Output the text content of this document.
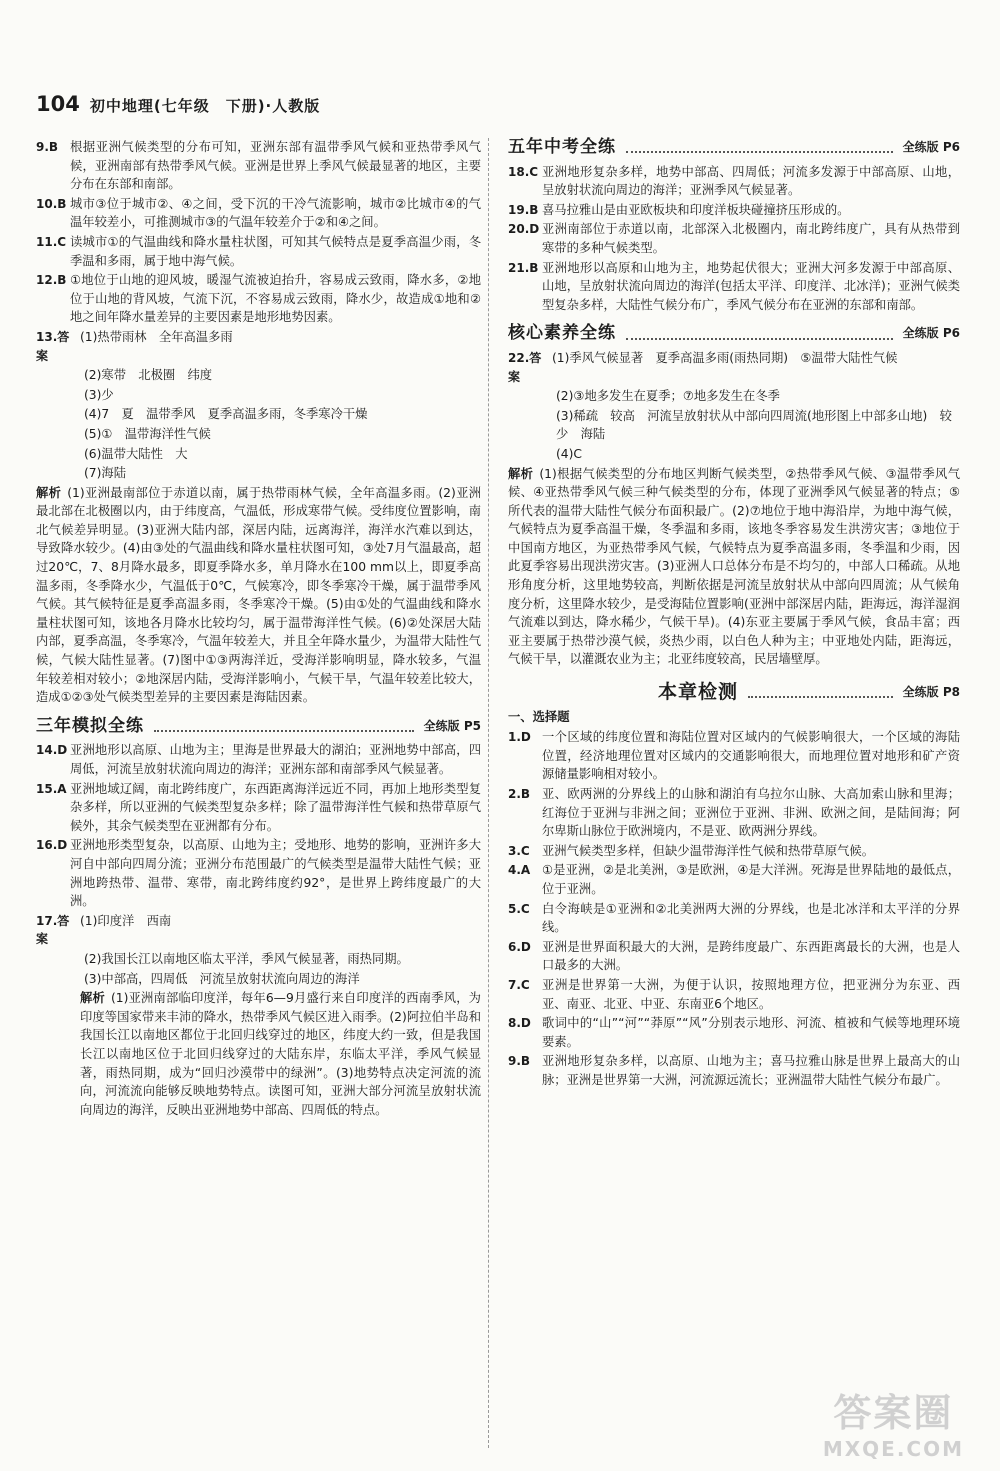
104 初中地理(七年级　下册)·人教版
9.B 根据亚洲气候类型的分布可知，亚洲东部有温带季风气候和亚热带季风气候，亚洲南部有热带季风气候。亚洲是世界上季风气候最显著的地区，主要分布在东部和南部。
10.B 城市③位于城市②、④之间，受下沉的干冷气流影响，城市②比城市④的气温年较差小，可推测城市③的气温年较差介于②和④之间。
11.C 读城市①的气温曲线和降水量柱状图，可知其气候特点是夏季高温少雨，冬季温和多雨，属于地中海气候。
12.B ①地位于山地的迎风坡，暖湿气流被迫抬升，容易成云致雨，降水多，②地位于山地的背风坡，气流下沉，不容易成云致雨，降水少，故造成①地和②地之间年降水量差异的主要因素是地形地势因素。
13.答案
(1)热带雨林　全年高温多雨
(2)寒带　北极圈　纬度
(3)少
(4)7　夏　温带季风　夏季高温多雨，冬季寒冷干燥
(5)①　温带海洋性气候
(6)温带大陆性　大
(7)海陆
解析 (1)亚洲最南部位于赤道以南，属于热带雨林气候，全年高温多雨。(2)亚洲最北部在北极圈以内，由于纬度高，气温低，形成寒带气候。受纬度位置影响，南北气候差异明显。(3)亚洲大陆内部，深居内陆，远离海洋，海洋水汽难以到达，导致降水较少。(4)由③处的气温曲线和降水量柱状图可知，③处7月气温最高，超过20℃，7、8月降水最多，即夏季降水多，单月降水在100 mm以上，即夏季高温多雨，冬季降水少，气温低于0℃，气候寒冷，即冬季寒冷干燥，属于温带季风气候。其气候特征是夏季高温多雨，冬季寒冷干燥。(5)由①处的气温曲线和降水量柱状图可知，该地各月降水比较均匀，属于温带海洋性气候。(6)②处深居大陆内部，夏季高温，冬季寒冷，气温年较差大，并且全年降水量少，为温带大陆性气候，气候大陆性显著。(7)图中①③两海洋近，受海洋影响明显，降水较多，气温年较差相对较小；②地深居内陆，受海洋影响小，气候干旱，气温年较差比较大，造成①②③处气候类型差异的主要因素是海陆因素。
三年模拟全练	全练版 P5
14.D 亚洲地形以高原、山地为主；里海是世界最大的湖泊；亚洲地势中部高，四周低，河流呈放射状流向周边的海洋；亚洲东部和南部季风气候显著。
15.A 亚洲地域辽阔，南北跨纬度广，东西距离海洋远近不同，再加上地形类型复杂多样，所以亚洲的气候类型复杂多样；除了温带海洋性气候和热带草原气候外，其余气候类型在亚洲都有分布。
16.D 亚洲地形类型复杂，以高原、山地为主；受地形、地势的影响，亚洲许多大河自中部向四周分流；亚洲分布范围最广的气候类型是温带大陆性气候；亚洲地跨热带、温带、寒带，南北跨纬度约92°，是世界上跨纬度最广的大洲。
17.答案
(1)印度洋　西南
(2)我国长江以南地区临太平洋，季风气候显著，雨热同期。
(3)中部高，四周低　河流呈放射状流向周边的海洋
解析 (1)亚洲南部临印度洋，每年6—9月盛行来自印度洋的西南季风，为印度等国家带来丰沛的降水，热带季风气候区进入雨季。(2)阿拉伯半岛和我国长江以南地区都位于北回归线穿过的地区，纬度大约一致，但是我国长江以南地区位于北回归线穿过的大陆东岸，东临太平洋，季风气候显著，雨热同期，成为“回归沙漠带中的绿洲”。(3)地势特点决定河流的流向，河流流向能够反映地势特点。读图可知，亚洲大部分河流呈放射状流向周边的海洋，反映出亚洲地势中部高、四周低的特点。
五年中考全练	全练版 P6
18.C 亚洲地形复杂多样，地势中部高、四周低；河流多发源于中部高原、山地，呈放射状流向周边的海洋；亚洲季风气候显著。
19.B 喜马拉雅山是由亚欧板块和印度洋板块碰撞挤压形成的。
20.D 亚洲南部位于赤道以南，北部深入北极圈内，南北跨纬度广，具有从热带到寒带的多种气候类型。
21.B 亚洲地形以高原和山地为主，地势起伏很大；亚洲大河多发源于中部高原、山地，呈放射状流向周边的海洋(包括太平洋、印度洋、北冰洋)；亚洲气候类型复杂多样，大陆性气候分布广，季风气候分布在亚洲的东部和南部。
核心素养全练	全练版 P6
22.答案
(1)季风气候显著　夏季高温多雨(雨热同期)　⑤温带大陆性气候
(2)③地多发生在夏季；⑦地多发生在冬季
(3)稀疏　较高　河流呈放射状从中部向四周流(地形图上中部多山地)　较少　海陆
(4)C
解析 (1)根据气候类型的分布地区判断气候类型，②热带季风气候、③温带季风气候、④亚热带季风气候三种气候类型的分布，体现了亚洲季风气候显著的特点；⑤所代表的温带大陆性气候分布面积最广。(2)⑦地位于地中海沿岸，为地中海气候，气候特点为夏季高温干燥，冬季温和多雨，该地冬季容易发生洪涝灾害；③地位于中国南方地区，为亚热带季风气候，气候特点为夏季高温多雨，冬季温和少雨，因此夏季容易出现洪涝灾害。(3)亚洲人口总体分布是不均匀的，中部人口稀疏。从地形角度分析，这里地势较高，判断依据是河流呈放射状从中部向四周流；从气候角度分析，这里降水较少，是受海陆位置影响(亚洲中部深居内陆，距海远，海洋湿润气流难以到达，降水稀少，气候干旱)。(4)东亚主要属于季风气候，食品丰富；西亚主要属于热带沙漠气候，炎热少雨，以白色人种为主；中亚地处内陆，距海远，气候干旱，以灌溉农业为主；北亚纬度较高，民居墙壁厚。
本章检测	全练版 P8
一、选择题
1.D 一个区域的纬度位置和海陆位置对区域内的气候影响很大，一个区域的海陆位置，经济地理位置对区域内的交通影响很大，而地理位置对地形和矿产资源储量影响相对较小。
2.B 亚、欧两洲的分界线上的山脉和湖泊有乌拉尔山脉、大高加索山脉和里海；红海位于亚洲与非洲之间；亚洲位于亚洲、非洲、欧洲之间，是陆间海；阿尔卑斯山脉位于欧洲境内，不是亚、欧两洲分界线。
3.C 亚洲气候类型多样，但缺少温带海洋性气候和热带草原气候。
4.A ①是亚洲，②是北美洲，③是欧洲，④是大洋洲。死海是世界陆地的最低点，位于亚洲。
5.C 白令海峡是①亚洲和②北美洲两大洲的分界线，也是北冰洋和太平洋的分界线。
6.D 亚洲是世界面积最大的大洲，是跨纬度最广、东西距离最长的大洲，也是人口最多的大洲。
7.C 亚洲是世界第一大洲，为便于认识，按照地理方位，把亚洲分为东亚、西亚、南亚、北亚、中亚、东南亚6个地区。
8.D 歌词中的“山”“河”“莽原”“风”分别表示地形、河流、植被和气候等地理环境要素。
9.B 亚洲地形复杂多样，以高原、山地为主；喜马拉雅山脉是世界上最高大的山脉；亚洲是世界第一大洲，河流源远流长；亚洲温带大陆性气候分布最广。
答案圈
MXQE.COM
